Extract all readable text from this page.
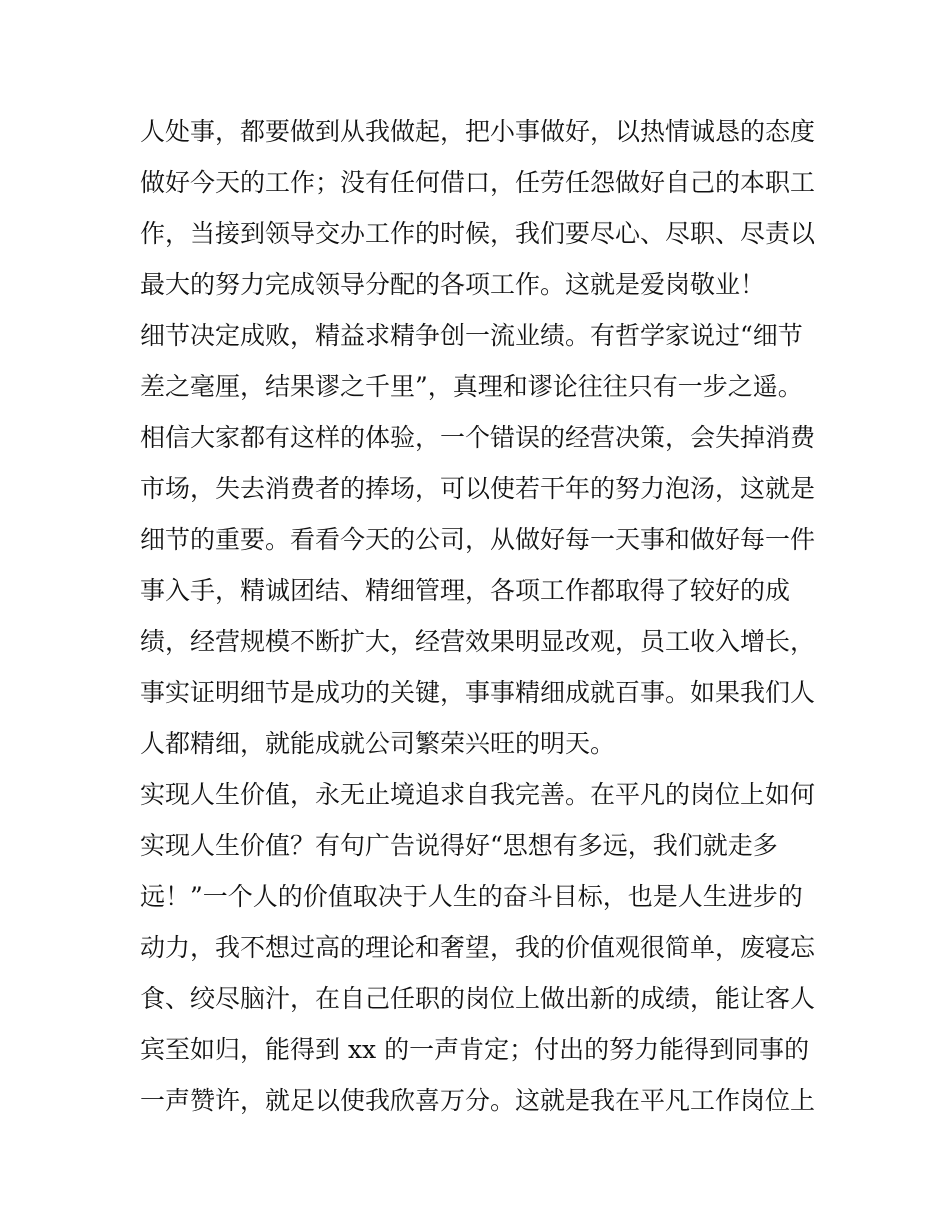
人处事，都要做到从我做起，把小事做好，以热情诚恳的态度
做好今天的工作；没有任何借口，任劳任怨做好自己的本职工
作，当接到领导交办工作的时候，我们要尽心、尽职、尽责以
最大的努力完成领导分配的各项工作。这就是爱岗敬业！
细节决定成败，精益求精争创一流业绩。有哲学家说过“细节
差之毫厘，结果谬之千里”，真理和谬论往往只有一步之遥。
相信大家都有这样的体验，一个错误的经营决策，会失掉消费
市场，失去消费者的捧场，可以使若干年的努力泡汤，这就是
细节的重要。看看今天的公司，从做好每一天事和做好每一件
事入手，精诚团结、精细管理，各项工作都取得了较好的成
绩，经营规模不断扩大，经营效果明显改观，员工收入增长，
事实证明细节是成功的关键，事事精细成就百事。如果我们人
人都精细，就能成就公司繁荣兴旺的明天。
实现人生价值，永无止境追求自我完善。在平凡的岗位上如何
实现人生价值？有句广告说得好“思想有多远，我们就走多
远！”一个人的价值取决于人生的奋斗目标，也是人生进步的
动力，我不想过高的理论和奢望，我的价值观很简单，废寝忘
食、绞尽脑汁，在自己任职的岗位上做出新的成绩，能让客人
宾至如归，能得到 xx 的一声肯定；付出的努力能得到同事的
一声赞许，就足以使我欣喜万分。这就是我在平凡工作岗位上
